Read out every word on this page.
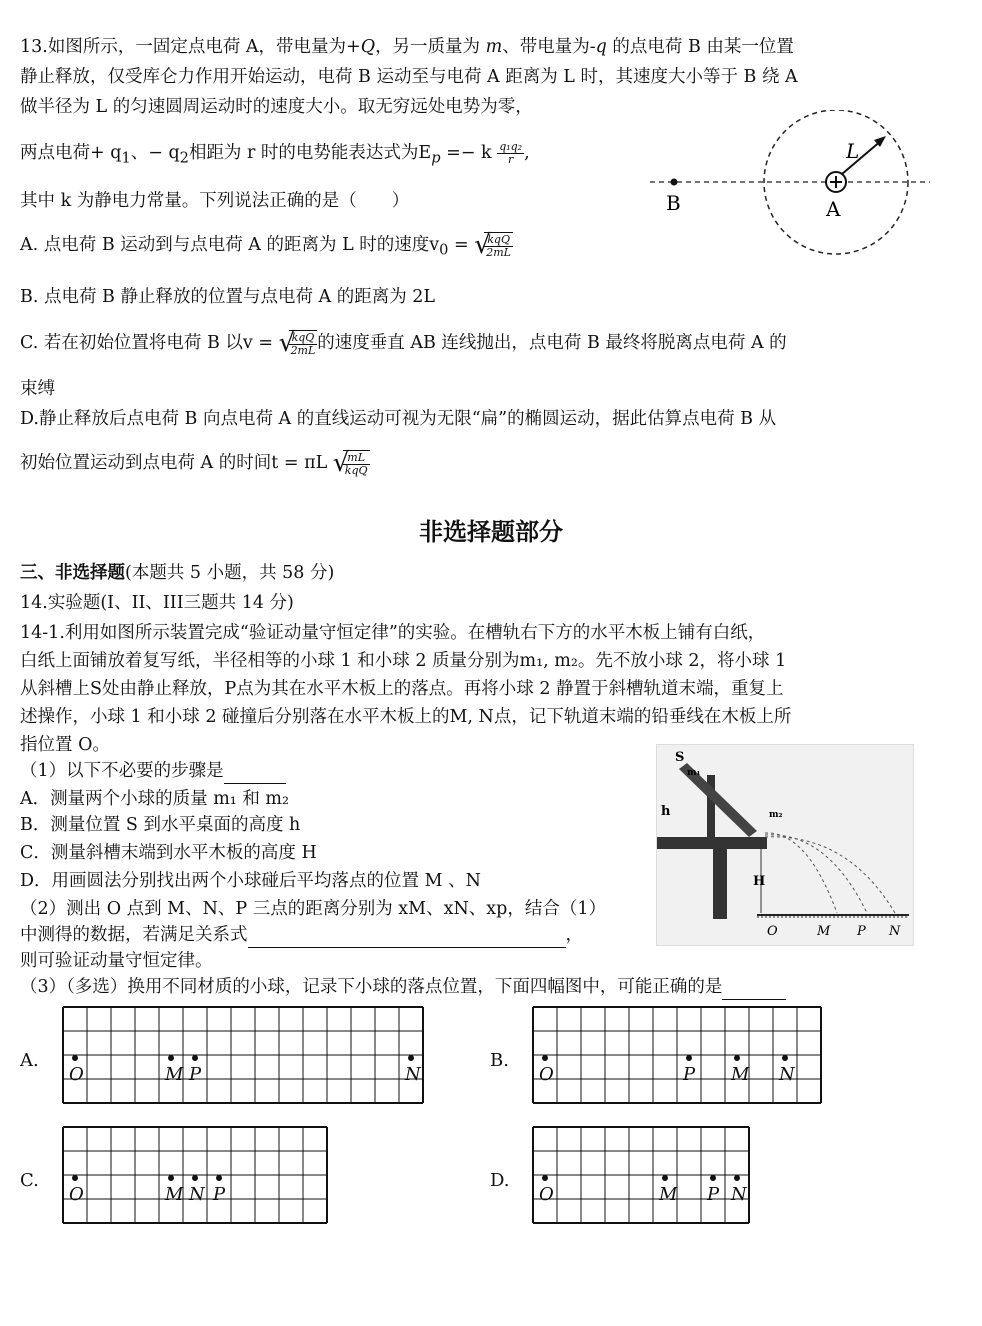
13.如图所示，一固定点电荷 A，带电量为+Q，另一质量为 m、带电量为-q 的点电荷 B 由某一位置
静止释放，仅受库仑力作用开始运动，电荷 B 运动至与电荷 A 距离为 L 时，其速度大小等于 B 绕 A
做半径为 L 的匀速圆周运动时的速度大小。取无穷远处电势为零，
两点电荷+ $q_1$、− $q_2$相距为 r 时的电势能表达式为$E_p =- k \frac{\text{q₁q₂}}{r}$ ,
其中 k 为静电力常量。下列说法正确的是（　　）	B	A
L
A. 点电荷 B 运动到与点电荷 A 的距离为 L 时的速度$v_0$ = √
$\frac{\text{kqQ}}{2mL}$
B. 点电荷 B 静止释放的位置与点电荷 A 的距离为 2L
C. 若在初始位置将电荷 B 以v = √
$\frac{\text{kqQ}}{2mL}$ 的速度垂直 AB 连线抛出，点电荷 B 最终将脱离点电荷 A 的
束缚
D.静止释放后点电荷 B 向点电荷 A 的直线运动可视为无限“扁”的椭圆运动，据此估算点电荷 B 从
初始位置运动到点电荷 A 的时间t = πL √
$\frac{mL}{\text{kqQ}}$
非选择题部分
三、非选择题(本题共 5 小题，共 58 分)
14.实验题(I、II、III三题共 14 分)
14-1.利用如图所示装置完成“验证动量守恒定律”的实验。在槽轨右下方的水平木板上铺有白纸，
白纸上面铺放着复写纸，半径相等的小球 1 和小球 2 质量分别为m₁, m₂。先不放小球 2，将小球 1
从斜槽上S处由静止释放，P点为其在水平木板上的落点。再将小球 2 静置于斜槽轨道末端，重复上
述操作，小球 1 和小球 2 碰撞后分别落在水平木板上的M, N点，记下轨道末端的铅垂线在木板上所
指位置 O。
（1）以下不必要的步骤是
A．测量两个小球的质量 m₁ 和 m₂
B．测量位置 S 到水平桌面的高度 h
C．测量斜槽末端到水平木板的高度 H
D．用画圆法分别找出两个小球碰后平均落点的位置 M 、N
（2）测出 O 点到 M、N、P 三点的距离分别为 xM、xN、xp，结合（1）
中测得的数据，若满足关系式	，
则可验证动量守恒定律。
（3）（多选）换用不同材质的小球，记录下小球的落点位置，下面四幅图中，可能正确的是
S
m₁
m₂
h
H
O	M P N
A.
O	M P	N
B.
O	P M N
C.
O	M N P
D.
O	M P N
